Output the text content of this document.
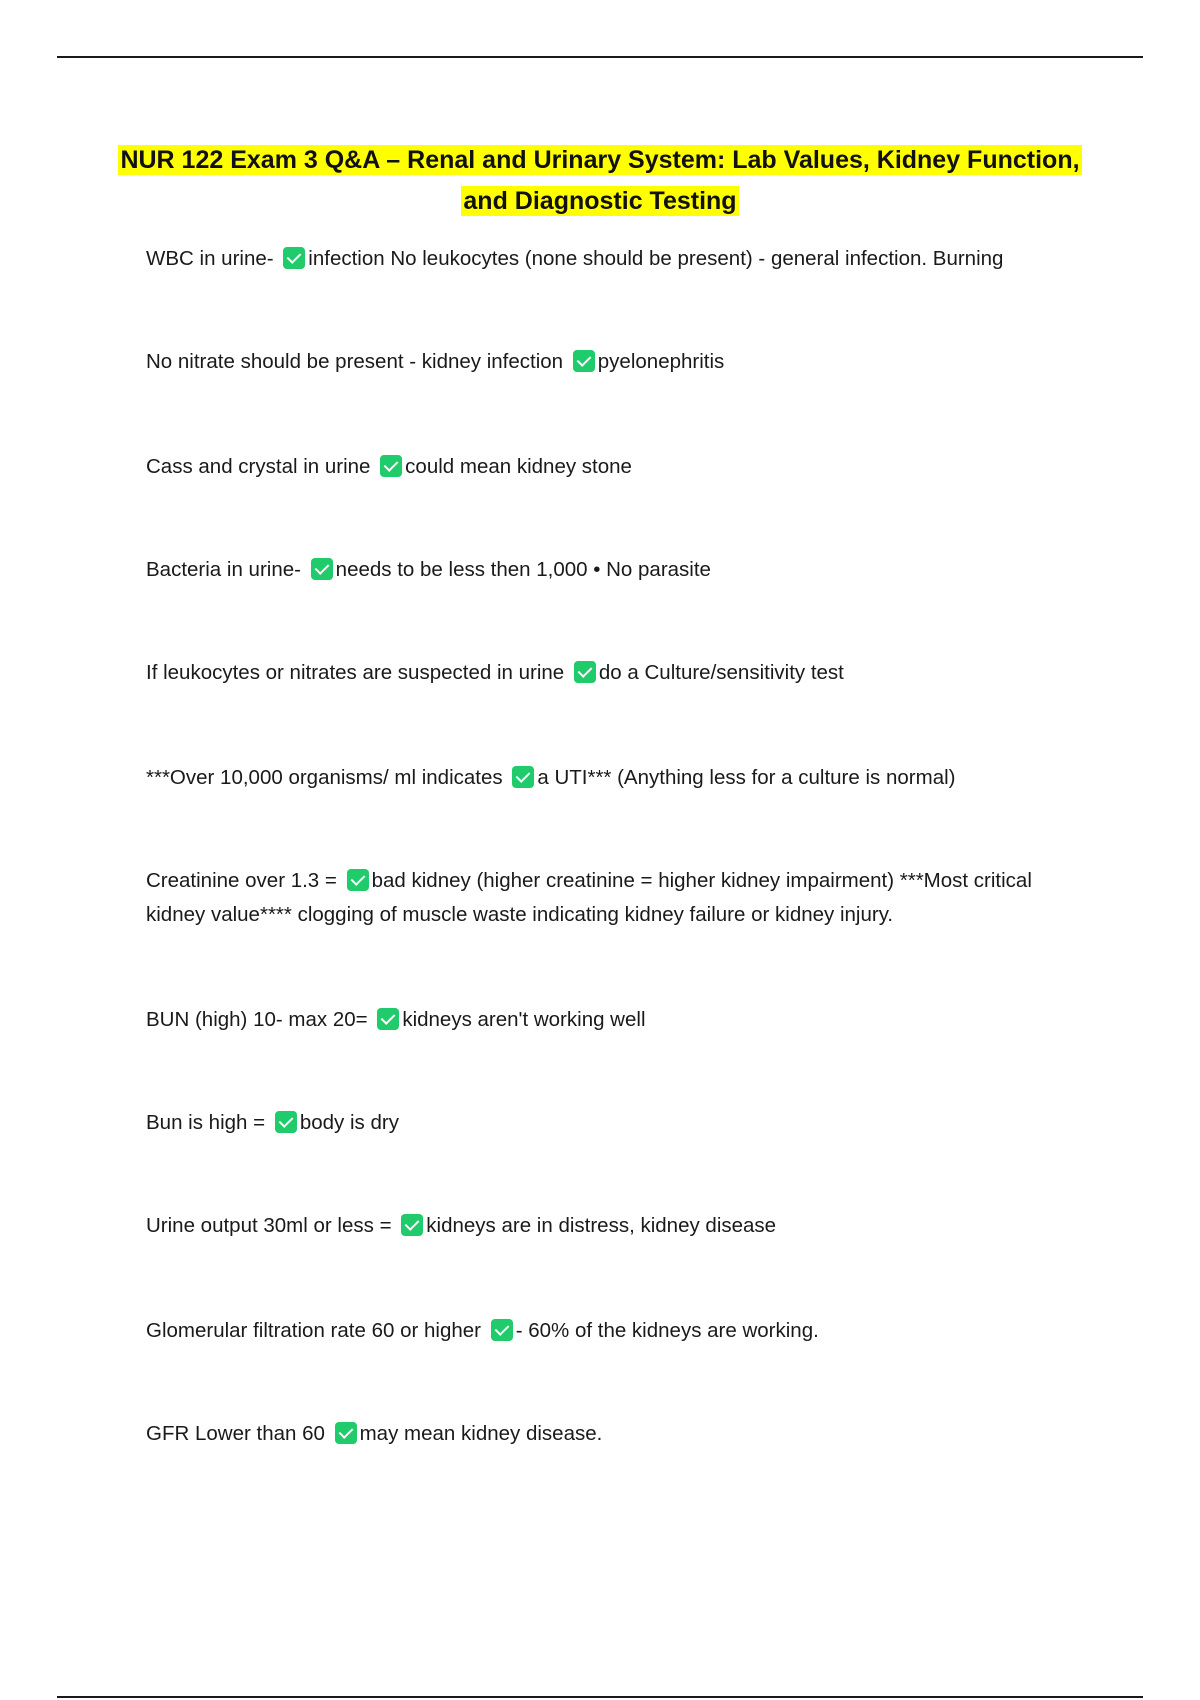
NUR 122 Exam 3 Q&A – Renal and Urinary System: Lab Values, Kidney Function, and Diagnostic Testing
WBC in urine- infection No leukocytes (none should be present) - general infection. Burning
No nitrate should be present - kidney infection pyelonephritis
Cass and crystal in urine could mean kidney stone
Bacteria in urine- needs to be less then 1,000 • No parasite
If leukocytes or nitrates are suspected in urine do a Culture/sensitivity test
***Over 10,000 organisms/ ml indicates a UTI*** (Anything less for a culture is normal)
Creatinine over 1.3 = bad kidney (higher creatinine = higher kidney impairment) ***Most critical kidney value**** clogging of muscle waste indicating kidney failure or kidney injury.
BUN (high) 10- max 20= kidneys aren't working well
Bun is high = body is dry
Urine output 30ml or less = kidneys are in distress, kidney disease
Glomerular filtration rate 60 or higher - 60% of the kidneys are working.
GFR Lower than 60 may mean kidney disease.
